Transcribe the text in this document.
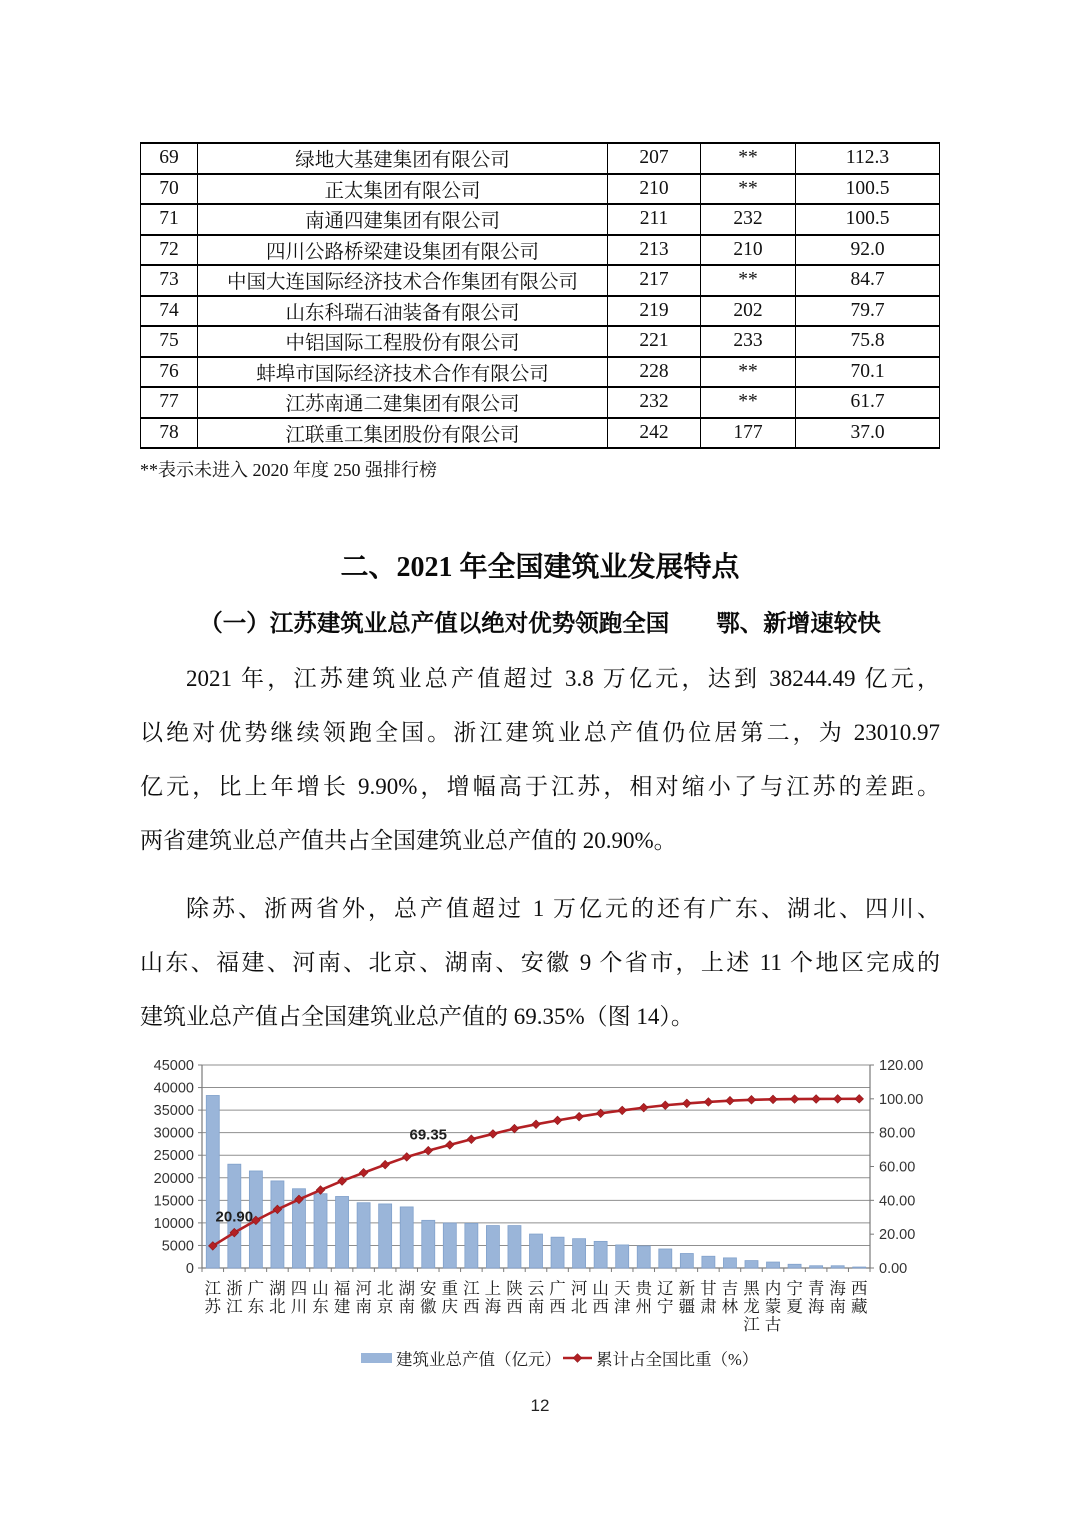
69	绿地大基建集团有限公司	207	**	112.3
70	正太集团有限公司	210	**	100.5
71	南通四建集团有限公司	211	232	100.5
72	四川公路桥梁建设集团有限公司	213	210	92.0
73	中国大连国际经济技术合作集团有限公司	217	**	84.7
74	山东科瑞石油装备有限公司	219	202	79.7
75	中铝国际工程股份有限公司	221	233	75.8
76	蚌埠市国际经济技术合作有限公司	228	**	70.1
77	江苏南通二建集团有限公司	232	**	61.7
78	江联重工集团股份有限公司	242	177	37.0
**表示未进入 2020 年度 250 强排行榜
二、2021 年全国建筑业发展特点
（一）江苏建筑业总产值以绝对优势领跑全国　　鄂、新增速较快
2021 年，江苏建筑业总产值超过 3.8 万亿元，达到 38244.49 亿元，
以绝对优势继续领跑全国。浙江建筑业总产值仍位居第二，为 23010.97
亿元，比上年增长 9.90%，增幅高于江苏，相对缩小了与江苏的差距。
两省建筑业总产值共占全国建筑业总产值的 20.90%。
除苏、浙两省外，总产值超过 1 万亿元的还有广东、湖北、四川、
山东、福建、河南、北京、湖南、安徽 9 个省市，上述 11 个地区完成的
建筑业总产值占全国建筑业总产值的 69.35%（图 14）。
0
5000
10000
15000
20000
25000
30000
35000
40000
45000
0.00
20.00
40.00
60.00
80.00
100.00
120.00
20.90
69.35
江苏
浙江
广东
湖北
四川
山东
福建
河南
北京
湖南
安徽
重庆
江西
上海
陕西
云南
广西
河北
山西
天津
贵州
辽宁
新疆
甘肃
吉林
黑龙江
内蒙古
宁夏
青海
海南
西藏
建筑业总产值（亿元） 累计占全国比重（%）
12
